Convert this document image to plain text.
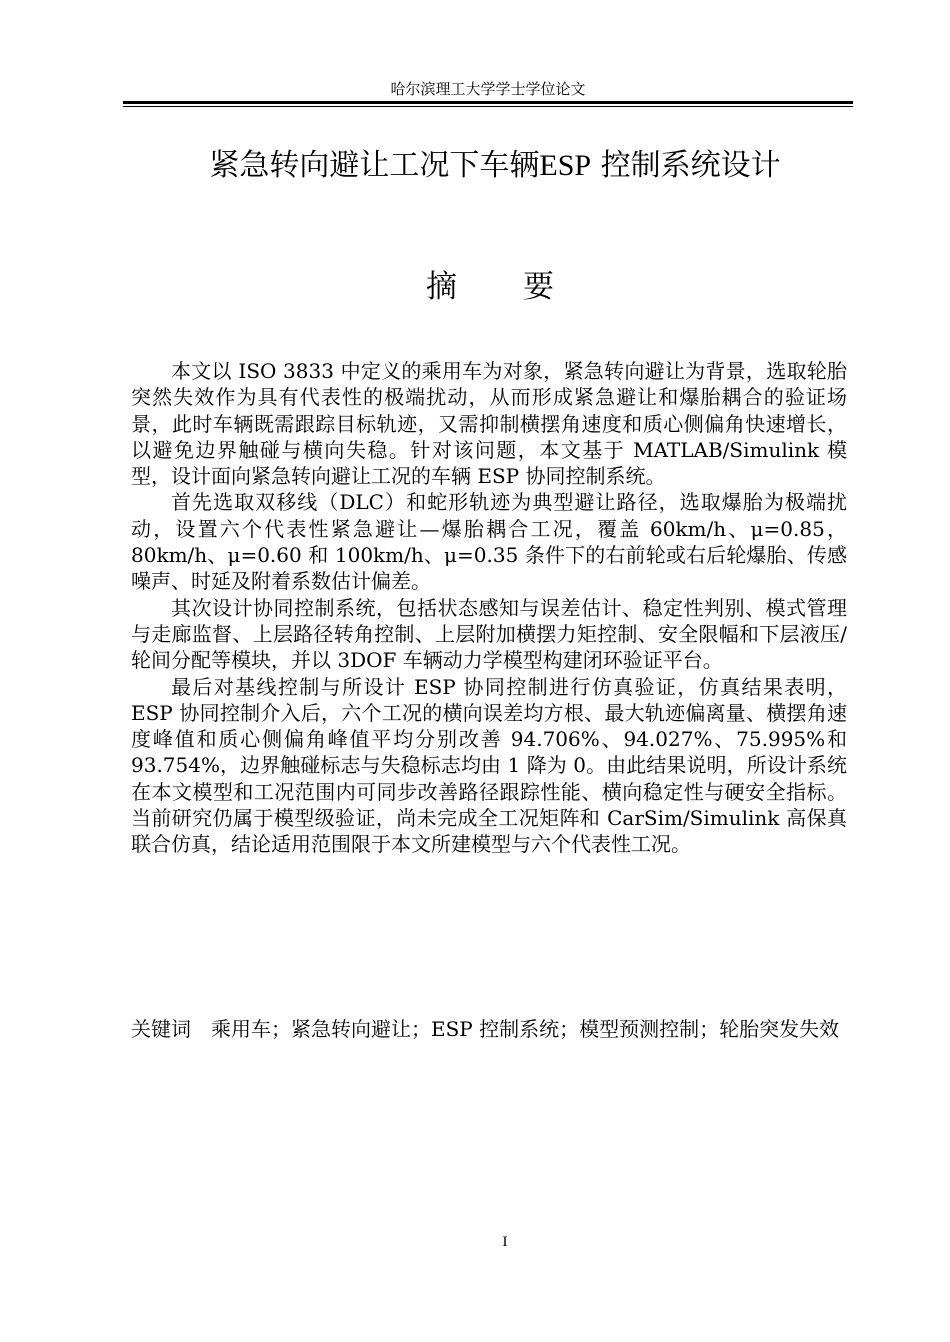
哈尔滨理工大学学士学位论文
紧急转向避让工况下车辆ESP 控制系统设计
摘 要

本文以 ISO 3833 中定义的乘用车为对象，紧急转向避让为背景，选取轮胎突然失效作为具有代表性的极端扰动，从而形成紧急避让和爆胎耦合的验证场景，此时车辆既需跟踪目标轨迹，又需抑制横摆角速度和质心侧偏角快速增长，以避免边界触碰与横向失稳。针对该问题，本文基于 MATLAB/Simulink 模型，设计面向紧急转向避让工况的车辆 ESP 协同控制系统。

首先选取双移线（DLC）和蛇形轨迹为典型避让路径，选取爆胎为极端扰动，设置六个代表性紧急避让—爆胎耦合工况，覆盖 60km/h、μ=0.85，80km/h、μ=0.60 和 100km/h、μ=0.35 条件下的右前轮或右后轮爆胎、传感噪声、时延及附着系数估计偏差。

其次设计协同控制系统，包括状态感知与误差估计、稳定性判别、模式管理与走廊监督、上层路径转角控制、上层附加横摆力矩控制、安全限幅和下层液压/轮间分配等模块，并以 3DOF 车辆动力学模型构建闭环验证平台。

最后对基线控制与所设计 ESP 协同控制进行仿真验证，仿真结果表明，ESP 协同控制介入后，六个工况的横向误差均方根、最大轨迹偏离量、横摆角速度峰值和质心侧偏角峰值平均分别改善 94.706%、94.027%、75.995%和 93.754%，边界触碰标志与失稳标志均由 1 降为 0。由此结果说明，所设计系统在本文模型和工况范围内可同步改善路径跟踪性能、横向稳定性与硬安全指标。当前研究仍属于模型级验证，尚未完成全工况矩阵和 CarSim/Simulink 高保真联合仿真，结论适用范围限于本文所建模型与六个代表性工况。

关键词 乘用车；紧急转向避让；ESP 控制系统；模型预测控制；轮胎突发失效
I
